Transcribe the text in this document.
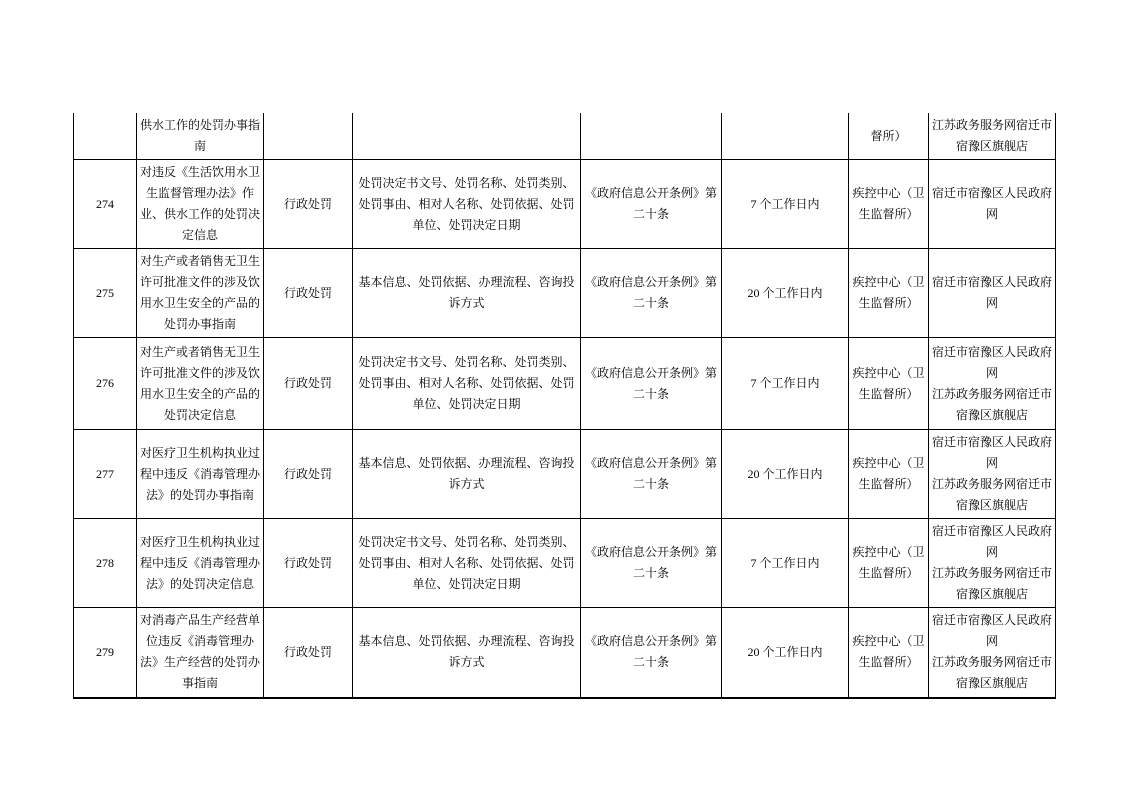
	供水工作的处罚办事指南					督所）	江苏政务服务网宿迁市宿豫区旗舰店

274	对违反《生活饮用水卫生监督管理办法》作业、供水工作的处罚决定信息	行政处罚	处罚决定书文号、处罚名称、处罚类别、处罚事由、相对人名称、处罚依据、处罚单位、处罚决定日期	《政府信息公开条例》第二十条	7 个工作日内	疾控中心（卫生监督所）	宿迁市宿豫区人民政府网

275	对生产或者销售无卫生许可批准文件的涉及饮用水卫生安全的产品的处罚办事指南	行政处罚	基本信息、处罚依据、办理流程、咨询投诉方式	《政府信息公开条例》第二十条	20 个工作日内	疾控中心（卫生监督所）	宿迁市宿豫区人民政府网

276	对生产或者销售无卫生许可批准文件的涉及饮用水卫生安全的产品的处罚决定信息	行政处罚	处罚决定书文号、处罚名称、处罚类别、处罚事由、相对人名称、处罚依据、处罚单位、处罚决定日期	《政府信息公开条例》第二十条	7 个工作日内	疾控中心（卫生监督所）	宿迁市宿豫区人民政府网
江苏政务服务网宿迁市宿豫区旗舰店

277	对医疗卫生机构执业过程中违反《消毒管理办法》的处罚办事指南	行政处罚	基本信息、处罚依据、办理流程、咨询投诉方式	《政府信息公开条例》第二十条	20 个工作日内	疾控中心（卫生监督所）	宿迁市宿豫区人民政府网
江苏政务服务网宿迁市宿豫区旗舰店

278	对医疗卫生机构执业过程中违反《消毒管理办法》的处罚决定信息	行政处罚	处罚决定书文号、处罚名称、处罚类别、处罚事由、相对人名称、处罚依据、处罚单位、处罚决定日期	《政府信息公开条例》第二十条	7 个工作日内	疾控中心（卫生监督所）	宿迁市宿豫区人民政府网
江苏政务服务网宿迁市宿豫区旗舰店

279	对消毒产品生产经营单位违反《消毒管理办法》生产经营的处罚办事指南	行政处罚	基本信息、处罚依据、办理流程、咨询投诉方式	《政府信息公开条例》第二十条	20 个工作日内	疾控中心（卫生监督所）	宿迁市宿豫区人民政府网
江苏政务服务网宿迁市宿豫区旗舰店
